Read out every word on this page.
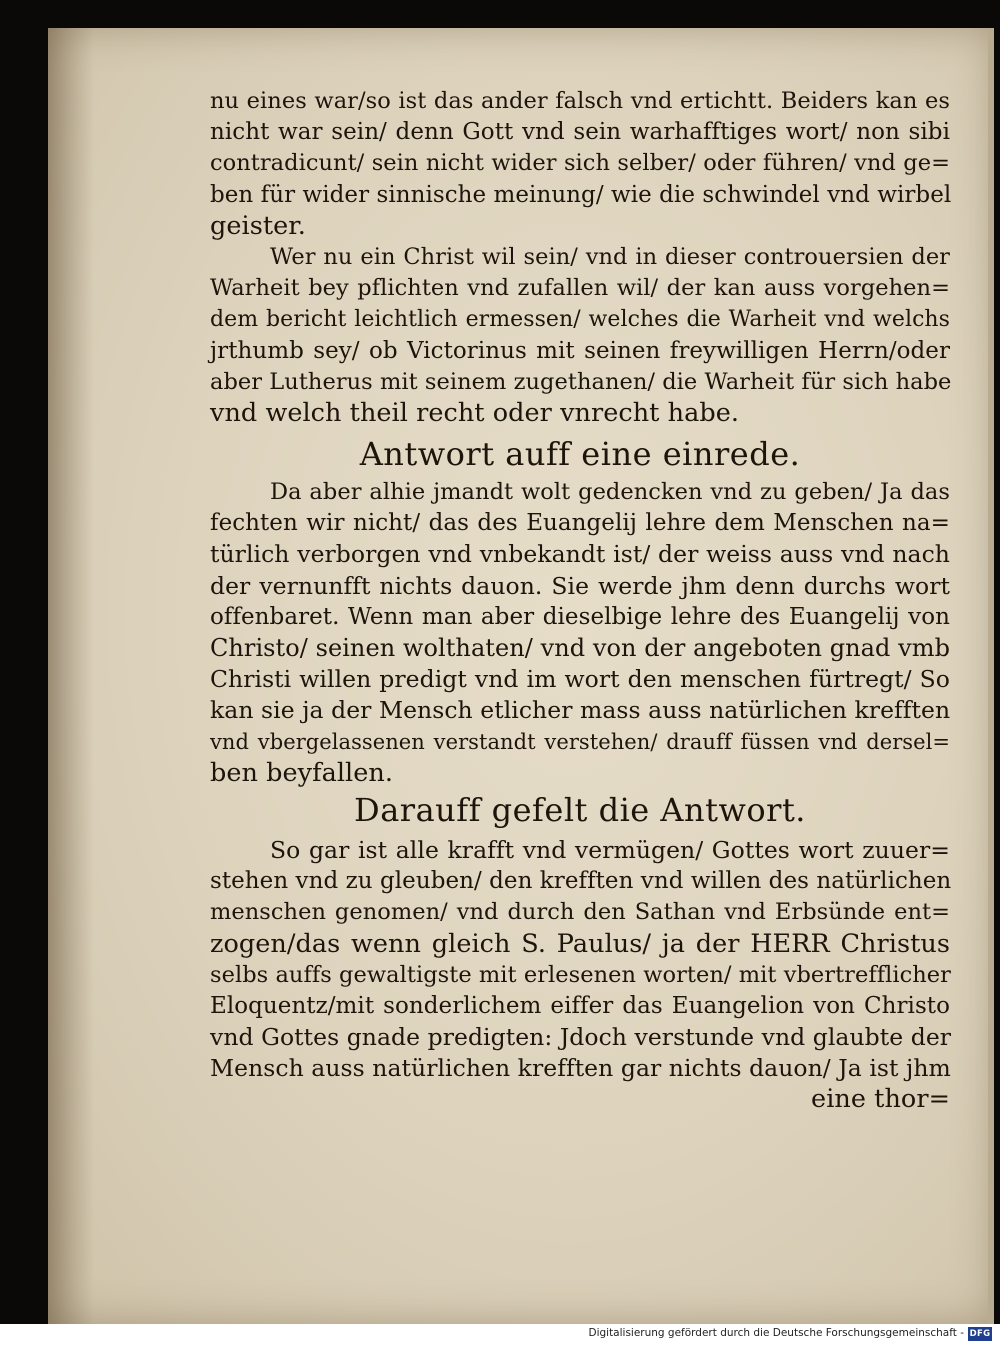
nu eines war/so ist das ander falsch vnd ertichtt. Beiders kan es
nicht war sein/ denn Gott vnd sein warhafftiges wort/ non sibi
contradicunt/ sein nicht wider sich selber/ oder führen/ vnd ge=
ben für wider sinnische meinung/ wie die schwindel vnd wirbel
geister.
Wer nu ein Christ wil sein/ vnd in dieser controuersien der
Warheit bey pflichten vnd zufallen wil/ der kan auss vorgehen=
dem bericht leichtlich ermessen/ welches die Warheit vnd welchs
jrthumb sey/ ob Victorinus mit seinen freywilligen Herrn/oder
aber Lutherus mit seinem zugethanen/ die Warheit für sich habe
vnd welch theil recht oder vnrecht habe.
Antwort auff eine einrede.
Da aber alhie jmandt wolt gedencken vnd zu geben/ Ja das
fechten wir nicht/ das des Euangelij lehre dem Menschen na=
türlich verborgen vnd vnbekandt ist/ der weiss auss vnd nach
der vernunfft nichts dauon. Sie werde jhm denn durchs wort
offenbaret. Wenn man aber dieselbige lehre des Euangelij von
Christo/ seinen wolthaten/ vnd von der angeboten gnad vmb
Christi willen predigt vnd im wort den menschen fürtregt/ So
kan sie ja der Mensch etlicher mass auss natürlichen krefften
vnd vbergelassenen verstandt verstehen/ drauff füssen vnd dersel=
ben beyfallen.
Darauff gefelt die Antwort.
So gar ist alle krafft vnd vermügen/ Gottes wort zuuer=
stehen vnd zu gleuben/ den krefften vnd willen des natürlichen
menschen genomen/ vnd durch den Sathan vnd Erbsünde ent=
zogen/das wenn gleich S. Paulus/ ja der HERR Christus
selbs auffs gewaltigste mit erlesenen worten/ mit vbertrefflicher
Eloquentz/mit sonderlichem eiffer das Euangelion von Christo
vnd Gottes gnade predigten: Jdoch verstunde vnd glaubte der
Mensch auss natürlichen krefften gar nichts dauon/ Ja ist jhm
eine thor=
Digitalisierung gefördert durch die Deutsche Forschungsgemeinschaft - DFG
